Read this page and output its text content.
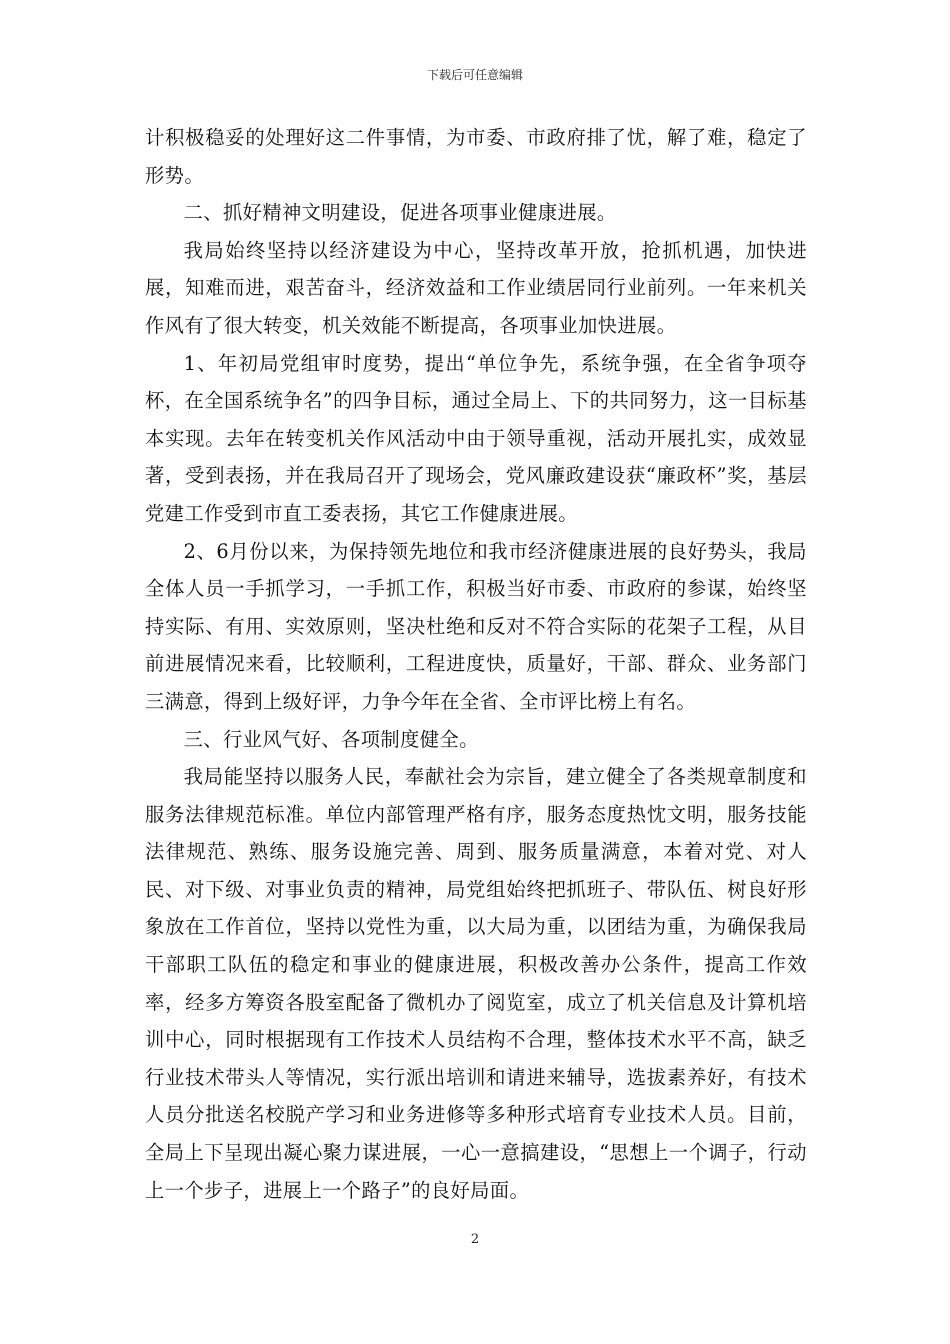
下载后可任意编辑

计积极稳妥的处理好这二件事情，为市委、市政府排了忧，解了难，稳定了形势。

二、抓好精神文明建设，促进各项事业健康进展。

我局始终坚持以经济建设为中心，坚持改革开放，抢抓机遇，加快进展，知难而进，艰苦奋斗，经济效益和工作业绩居同行业前列。一年来机关作风有了很大转变，机关效能不断提高，各项事业加快进展。

1、年初局党组审时度势，提出“单位争先，系统争强，在全省争项夺杯，在全国系统争名”的四争目标，通过全局上、下的共同努力，这一目标基本实现。去年在转变机关作风活动中由于领导重视，活动开展扎实，成效显著，受到表扬，并在我局召开了现场会，党风廉政建设获“廉政杯”奖，基层党建工作受到市直工委表扬，其它工作健康进展。

2、6月份以来，为保持领先地位和我市经济健康进展的良好势头，我局全体人员一手抓学习，一手抓工作，积极当好市委、市政府的参谋，始终坚持实际、有用、实效原则，坚决杜绝和反对不符合实际的花架子工程，从目前进展情况来看，比较顺利，工程进度快，质量好，干部、群众、业务部门三满意，得到上级好评，力争今年在全省、全市评比榜上有名。

三、行业风气好、各项制度健全。

我局能坚持以服务人民，奉献社会为宗旨，建立健全了各类规章制度和服务法律规范标准。单位内部管理严格有序，服务态度热忱文明，服务技能法律规范、熟练、服务设施完善、周到、服务质量满意，本着对党、对人民、对下级、对事业负责的精神，局党组始终把抓班子、带队伍、树良好形象放在工作首位，坚持以党性为重，以大局为重，以团结为重，为确保我局干部职工队伍的稳定和事业的健康进展，积极改善办公条件，提高工作效率，经多方筹资各股室配备了微机办了阅览室，成立了机关信息及计算机培训中心，同时根据现有工作技术人员结构不合理，整体技术水平不高，缺乏行业技术带头人等情况，实行派出培训和请进来辅导，选拔素养好，有技术人员分批送名校脱产学习和业务进修等多种形式培育专业技术人员。目前，全局上下呈现出凝心聚力谋进展，一心一意搞建设，“思想上一个调子，行动上一个步子，进展上一个路子”的良好局面。

2
